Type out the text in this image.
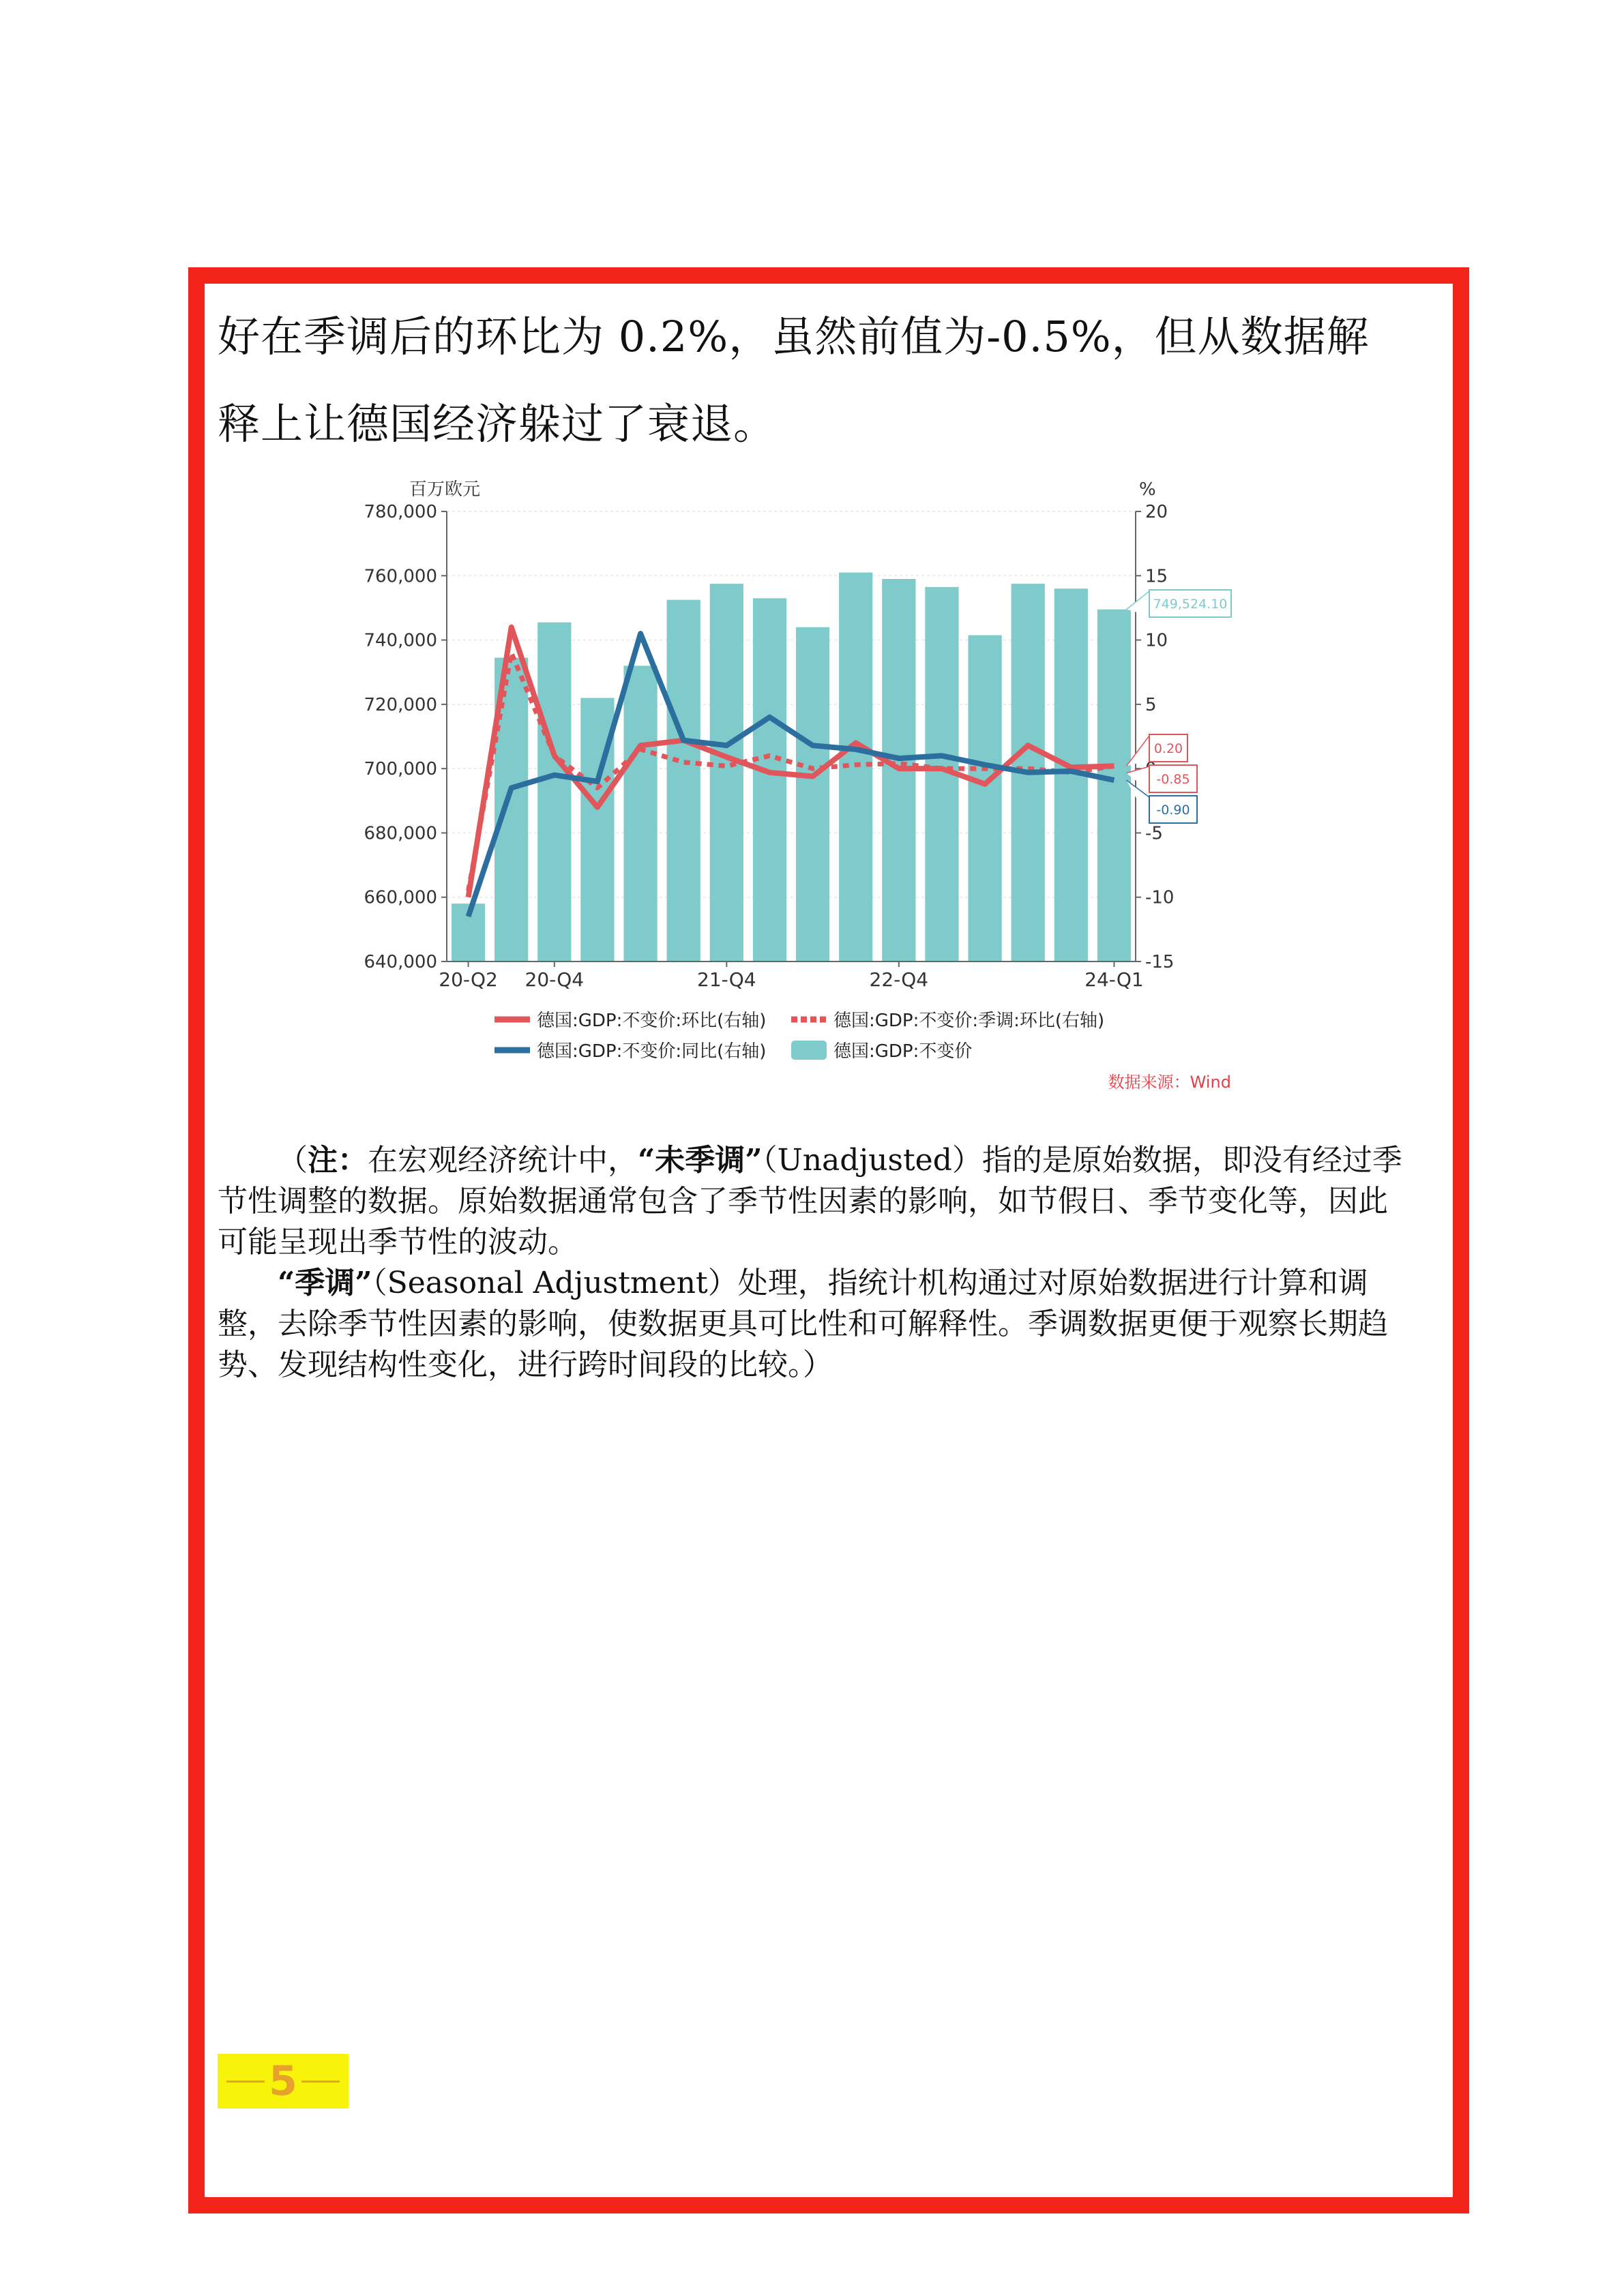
好在季调后的环比为 0.2%，虽然前值为-0.5%，但从数据解释上让德国经济躲过了衰退。
780,000
760,000
740,000
720,000
700,000
680,000
660,000
640,000
20
15
10
5
-5
-10
-15
百万欧元	%
20-Q2 20-Q4	21-Q4	22-Q4	24-Q1
749,524.10
0.20
-0.85
-0.90
德国:GDP:不变价:环比(右轴)	德国:GDP:不变价:季调:环比(右轴)
德国:GDP:不变价:同比(右轴)	德国:GDP:不变价
数据来源：Wind
  （注：在宏观经济统计中，“未季调”（Unadjusted）指的是原始数据，即没有经过季节性调整的数据。原始数据通常包含了季节性因素的影响，如节假日、季节变化等，因此可能呈现出季节性的波动。
  “季调”（Seasonal Adjustment）处理，指统计机构通过对原始数据进行计算和调整，去除季节性因素的影响，使数据更具可比性和可解释性。季调数据更便于观察长期趋势、发现结构性变化，进行跨时间段的比较。）
5
